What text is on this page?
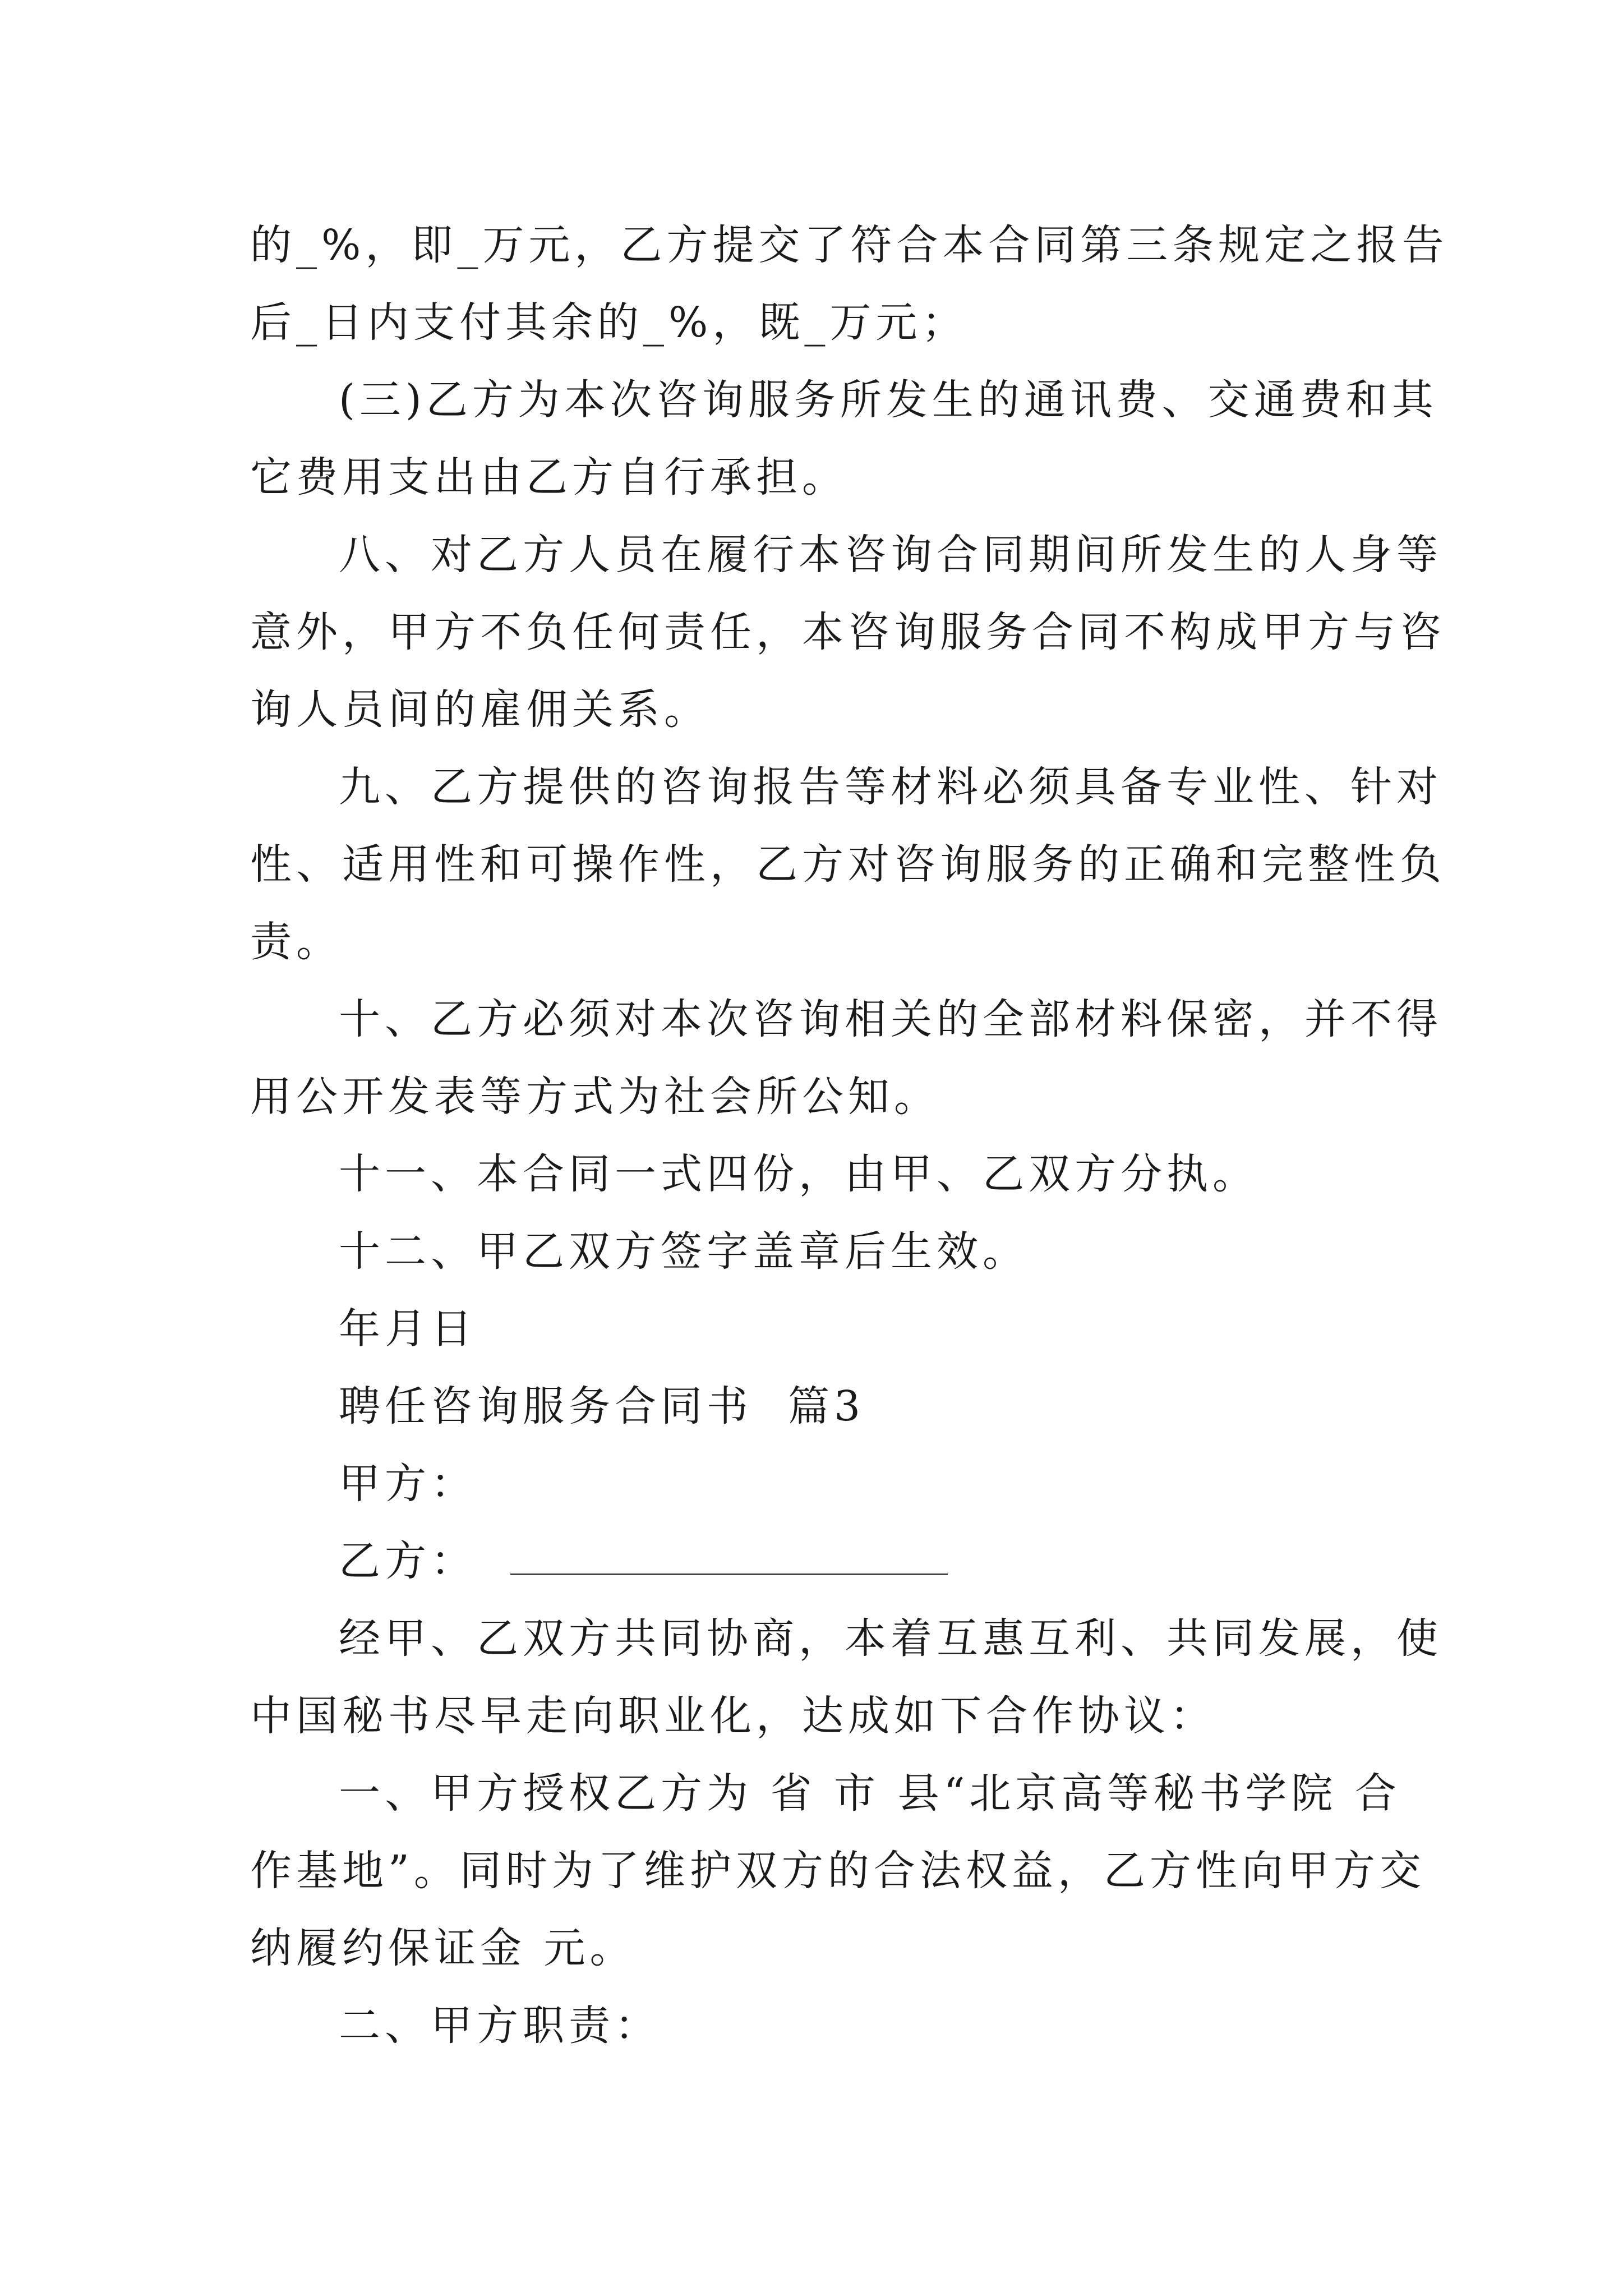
的_%，即_万元，乙方提交了符合本合同第三条规定之报告
后_日内支付其余的_%，既_万元；
(三)乙方为本次咨询服务所发生的通讯费、交通费和其
它费用支出由乙方自行承担。
八、对乙方人员在履行本咨询合同期间所发生的人身等
意外，甲方不负任何责任，本咨询服务合同不构成甲方与咨
询人员间的雇佣关系。
九、乙方提供的咨询报告等材料必须具备专业性、针对
性、适用性和可操作性，乙方对咨询服务的正确和完整性负
责。
十、乙方必须对本次咨询相关的全部材料保密，并不得
用公开发表等方式为社会所公知。
十一、本合同一式四份，由甲、乙双方分执。
十二、甲乙双方签字盖章后生效。
年月日
聘任咨询服务合同书  篇3
甲方：
乙方：
经甲、乙双方共同协商，本着互惠互利、共同发展，使
中国秘书尽早走向职业化，达成如下合作协议：
一、甲方授权乙方为 省 市 县“北京高等秘书学院 合
作基地”。同时为了维护双方的合法权益，乙方性向甲方交
纳履约保证金 元。
二、甲方职责：
